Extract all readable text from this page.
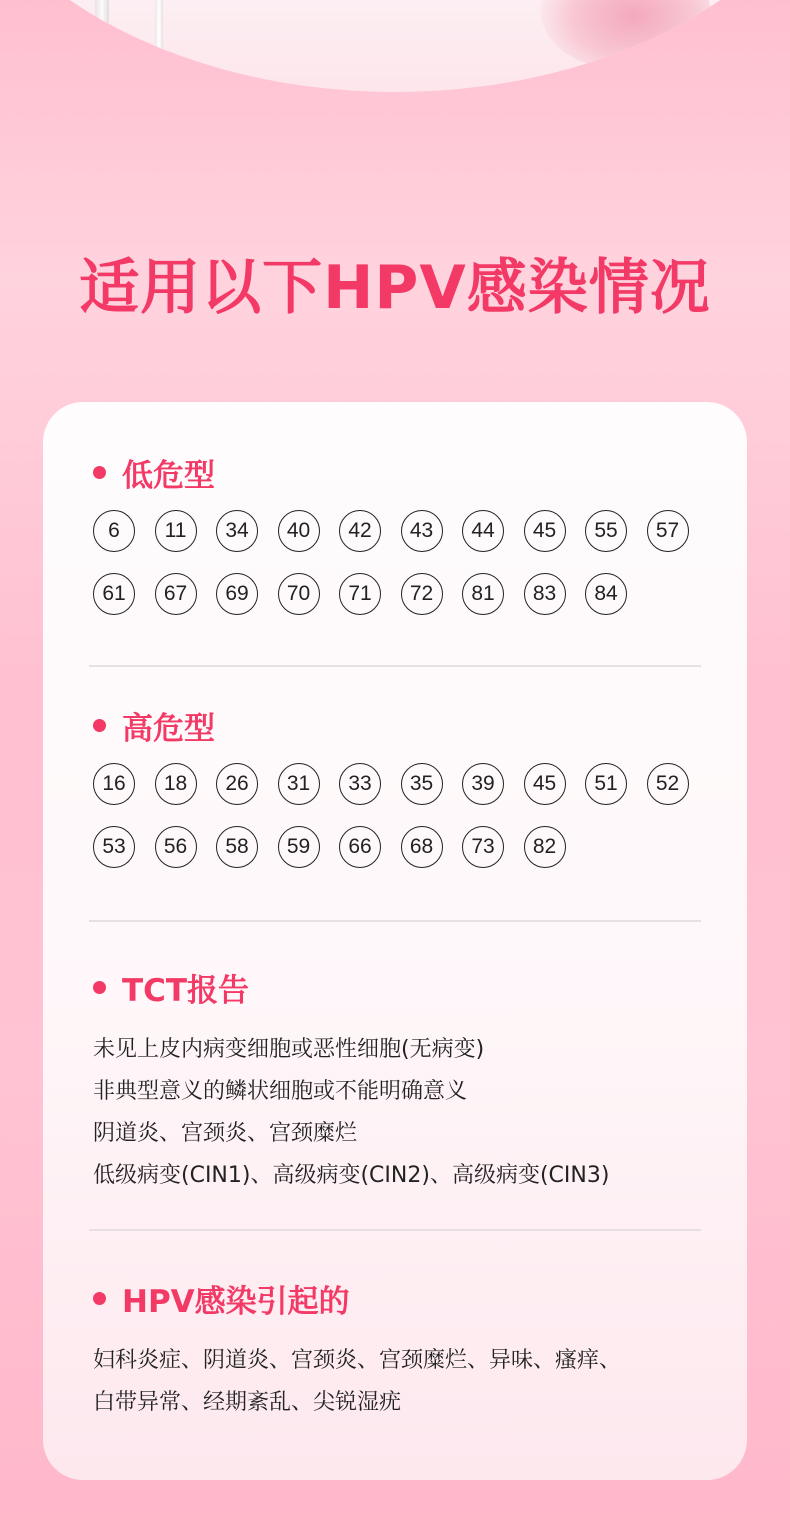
适用以下HPV感染情况
低危型
6	11	34	40	42	43	44	45	55	57
61	67	69	70	71	72	81	83	84
高危型
16	18	26	31	33	35	39	45	51	52
53	56	58	59	66	68	73	82
TCT报告
未见上皮内病变细胞或恶性细胞(无病变)
非典型意义的鳞状细胞或不能明确意义
阴道炎、宫颈炎、宫颈糜烂
低级病变(CIN1)、高级病变(CIN2)、高级病变(CIN3)
HPV感染引起的
妇科炎症、阴道炎、宫颈炎、宫颈糜烂、异味、瘙痒、
白带异常、经期紊乱、尖锐湿疣
